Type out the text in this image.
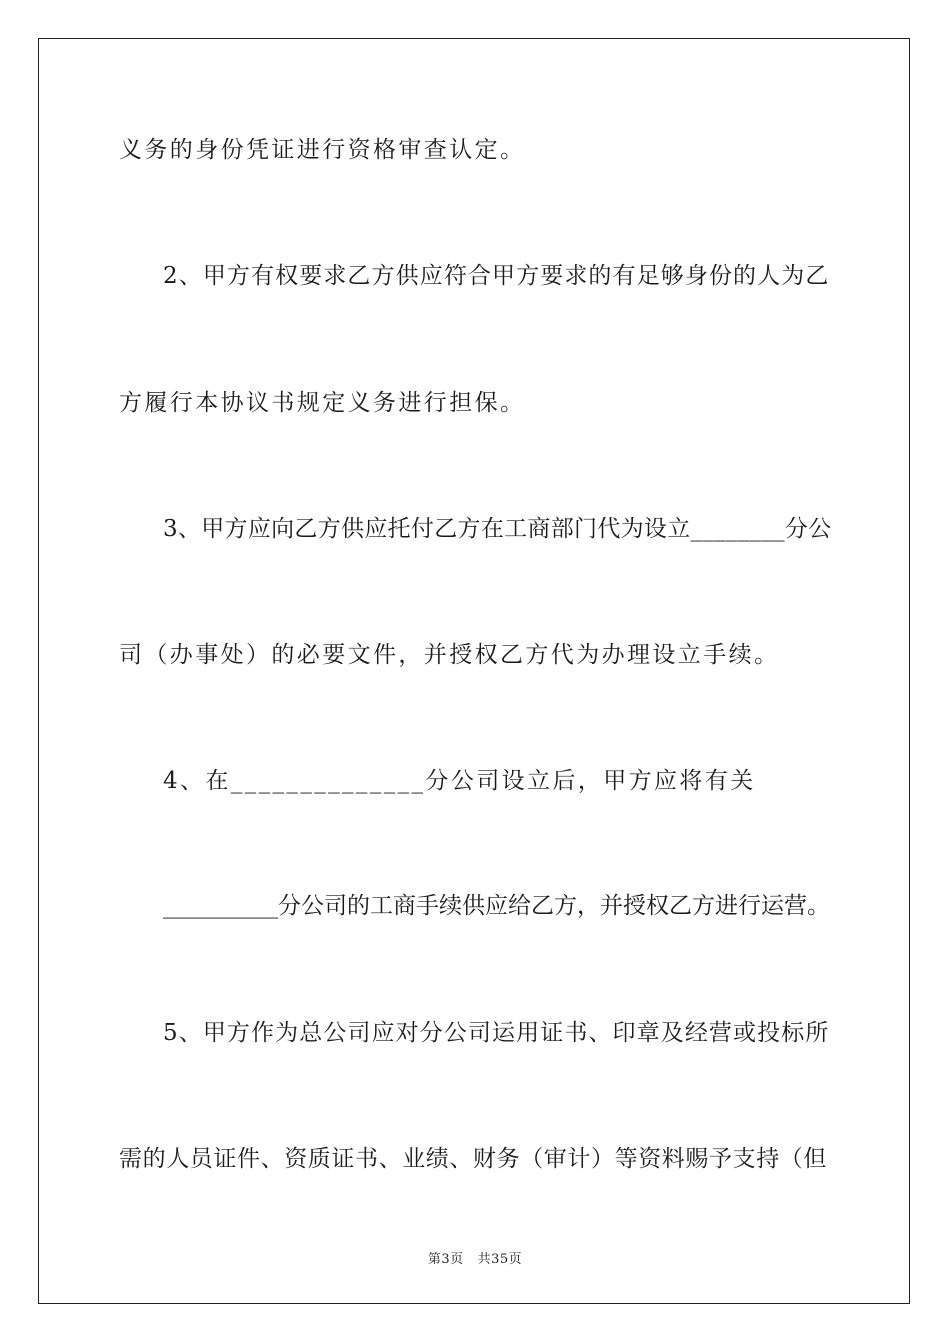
义务的身份凭证进行资格审查认定。
2、甲方有权要求乙方供应符合甲方要求的有足够身份的人为乙
方履行本协议书规定义务进行担保。
3、甲方应向乙方供应托付乙方在工商部门代为设立________分公
司（办事处）的必要文件，并授权乙方代为办理设立手续。
4、在______________分公司设立后，甲方应将有关
__________分公司的工商手续供应给乙方，并授权乙方进行运营。
5、甲方作为总公司应对分公司运用证书、印章及经营或投标所
需的人员证件、资质证书、业绩、财务（审计）等资料赐予支持（但
第3页 共35页
